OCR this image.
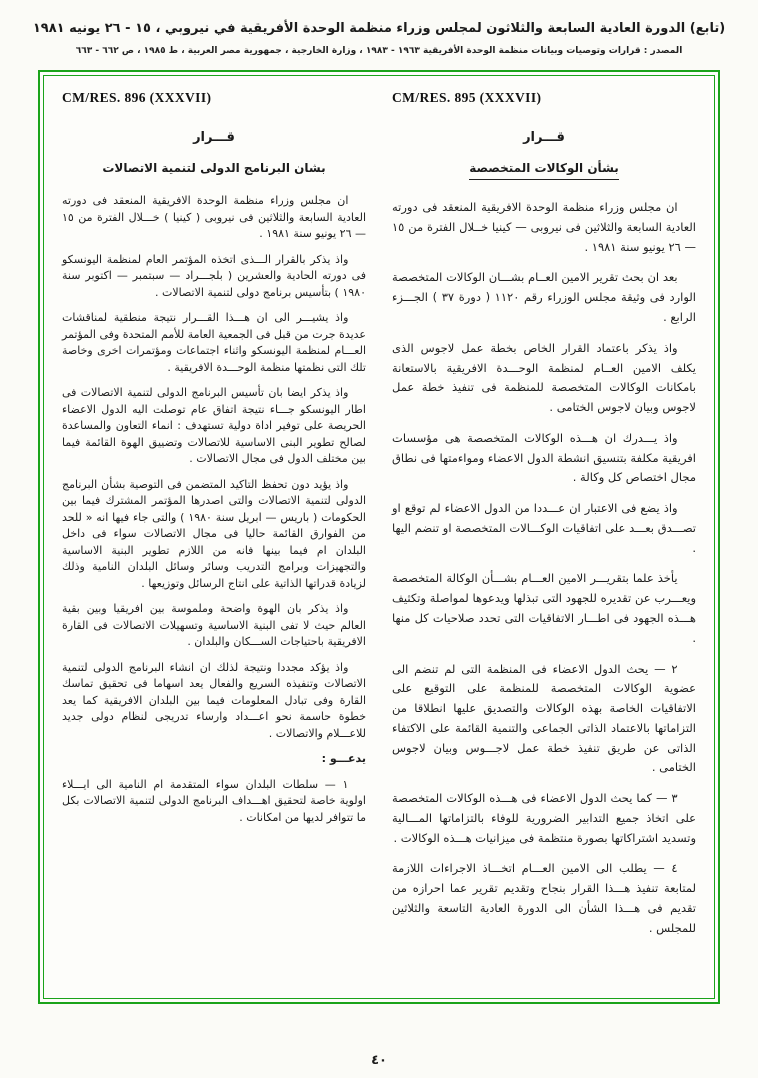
(تابع) الدورة العادية السابعة والثلاثون لمجلس وزراء منظمة الوحدة الأفريقية في نيروبي ، ١٥ - ٢٦ يونيه ١٩٨١
المصدر : قرارات وتوصيات وبيانات منظمة الوحدة الأفريقية ١٩٦٣ - ١٩٨٣ ، وزارة الخارجية ، جمهورية مصر العربية ، ط ١٩٨٥ ، ص ٦٦٢ - ٦٦٣
CM/RES. 895 (XXXVII)
قـــرار
بشأن الوكالات المتخصصة

ان مجلس وزراء منظمة الوحدة الافريقية المنعقد فى دورته العادية السابعة والثلاثين فى نيروبى — كينيا خــلال الفترة من ١٥ — ٢٦ يونيو سنة ١٩٨١ .

بعد ان بحث تقرير الامين العــام بشـــان الوكالات المتخصصة الوارد فى وثيقة مجلس الوزراء رقم ١١٢٠ ( دورة ٣٧ ) الجـــزء الرابع .

واذ يذكر باعتماد القرار الخاص بخطة عمل لاجوس الذى يكلف الامين العــام لمنظمة الوحـــدة الافريقية بالاستعانة بامكانات الوكالات المتخصصة للمنظمة فى تنفيذ خطة عمل لاجوس وبيان لاجوس الختامى .

واذ يـــدرك ان هـــذه الوكالات المتخصصة هى مؤسسات افريقية مكلفة بتنسيق انشطة الدول الاعضاء ومواءمتها فى نطاق مجال اختصاص كل وكالة .

واذ يضع فى الاعتبار ان عـــددا من الدول الاعضاء لم توقع او تصـــدق بعـــد على اتفاقيات الوكـــالات المتخصصة او تنضم اليها .

يأخذ علما بتقريـــر الامين العـــام بشـــأن الوكالة المتخصصة ويعـــرب عن تقديره للجهود التى تبذلها ويدعوها لمواصلة وتكثيف هـــذه الجهود فى اطـــار الاتفاقيات التى تحدد صلاحيات كل منها .

٢ — يحث الدول الاعضاء فى المنظمة التى لم تنضم الى عضوية الوكالات المتخصصة للمنظمة على التوقيع على الاتفاقيات الخاصة بهذه الوكالات والتصديق عليها انطلاقا من التزاماتها بالاعتماد الذاتى الجماعى والتنمية القائمة على الاكتفاء الذاتى عن طريق تنفيذ خطة عمل لاجـــوس وبيان لاجوس الختامى .

٣ — كما يحث الدول الاعضاء فى هـــذه الوكالات المتخصصة على اتخاذ جميع التدابير الضرورية للوفاء بالتزاماتها المـــالية وتسديد اشتراكاتها بصورة منتظمة فى ميزانيات هـــذه الوكالات .

٤ — يطلب الى الامين العـــام اتخـــاذ الاجراءات اللازمة لمتابعة تنفيذ هـــذا القرار بنجاح وتقديم تقرير عما احرازه من تقديم فى هـــذا الشأن الى الدورة العادية التاسعة والثلاثين للمجلس .

CM/RES. 896 (XXXVII)
قـــرار
بشان البرنامج الدولى لتنمية الاتصالات

ان مجلس وزراء منظمة الوحدة الافريقية المنعقد فى دورته العادية السابعة والثلاثين فى نيروبى ( كينيا ) خـــلال الفترة من ١٥ — ٢٦ يونيو سنة ١٩٨١ .

واذ يذكر بالقرار الـــذى اتخذه المؤتمر العام لمنظمة اليونسكو فى دورته الحادية والعشرين ( بلجـــراد — سبتمبر — اكتوبر سنة ١٩٨٠ ) بتأسيس برنامج دولى لتنمية الاتصالات .

واذ يشيـــر الى ان هـــذا القـــرار نتيجة منطقية لمناقشات عديدة جرت من قبل فى الجمعية العامة للأمم المتحدة وفى المؤتمر العـــام لمنظمة اليونسكو واثناء اجتماعات ومؤتمرات اخرى وخاصة تلك التى نظمتها منظمة الوحـــدة الافريقية .

واذ يذكر ايضا بان تأسيس البرنامج الدولى لتنمية الاتصالات فى اطار اليونسكو جـــاء نتيجة اتفاق عام توصلت اليه الدول الاعضاء الحريصة على توفير اداة دولية تستهدف : انماء التعاون والمساعدة لصالح تطوير البنى الاساسية للاتصالات وتضييق الهوة القائمة فيما بين مختلف الدول فى مجال الاتصالات .

واذ يؤيد دون تحفظ التاكيد المتضمن فى التوصية بشأن البرنامج الدولى لتنمية الاتصالات والتى اصدرها المؤتمر المشترك فيما بين الحكومات ( باريس — ابريل سنة ١٩٨٠ ) والتى جاء فيها انه « للحد من الفوارق القائمة حاليا فى مجال الاتصالات سواء فى داخل البلدان ام فيما بينها فانه من اللازم تطوير البنية الاساسية والتجهيزات وبرامج التدريب وسائر وسائل البلدان النامية وذلك لزيادة قدراتها الذاتية على انتاج الرسائل وتوزيعها .

واذ يذكر بان الهوة واضحة وملموسة بين افريقيا وبين بقية العالم حيث لا تفى البنية الاساسية وتسهيلات الاتصالات فى القارة الافريقية باحتياجات الســـكان والبلدان .

واذ يؤكد مجددا ونتيجة لذلك ان انشاء البرنامج الدولى لتنمية الاتصالات وتنفيذه السريع والفعال يعد اسهاما فى تحقيق تماسك القارة وفى تبادل المعلومات فيما بين البلدان الافريقية كما يعد خطوة حاسمة نحو اعـــداد وارساء تدريجى لنظام دولى جديد للاعـــلام والاتصالات .

يدعـــو :

١ — سلطات البلدان سواء المتقدمة ام النامية الى ايـــلاء اولوية خاصة لتحقيق اهـــداف البرنامج الدولى لتنمية الاتصالات بكل ما تتوافر لديها من امكانات .

٤٠
